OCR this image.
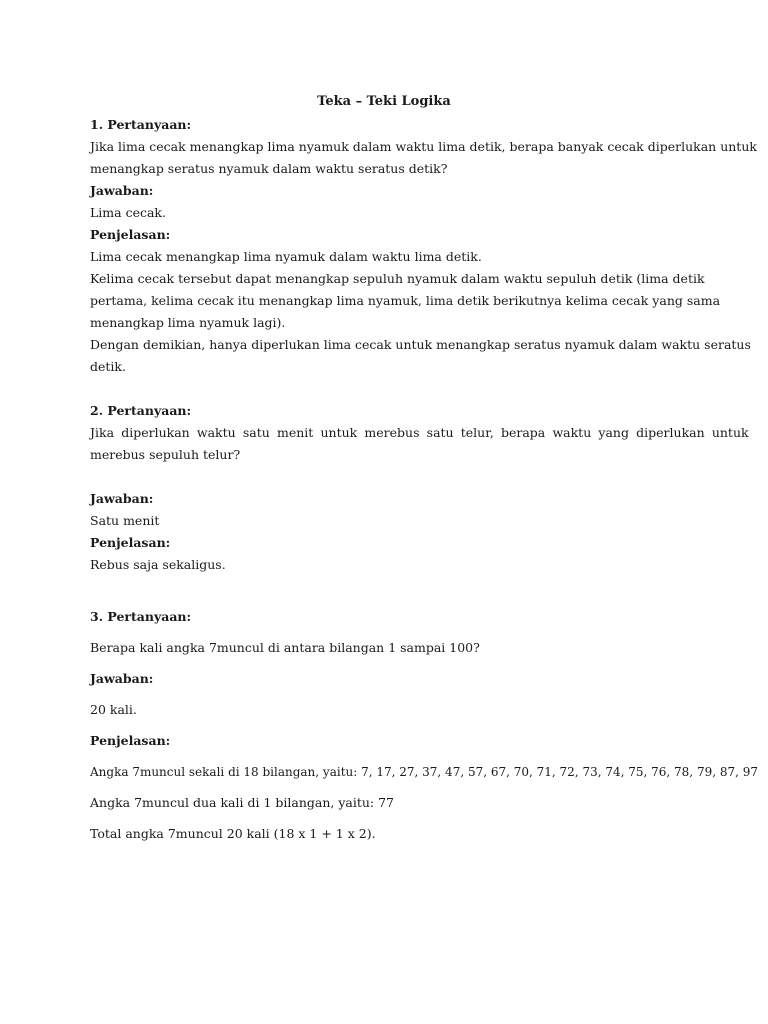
Teka – Teki Logika

1. Pertanyaan:

Jika lima cecak menangkap lima nyamuk dalam waktu lima detik, berapa banyak cecak diperlukan untuk

menangkap seratus nyamuk dalam waktu seratus detik?

Jawaban:

Lima cecak.

Penjelasan:

Lima cecak menangkap lima nyamuk dalam waktu lima detik.

Kelima cecak tersebut dapat menangkap sepuluh nyamuk dalam waktu sepuluh detik (lima detik

pertama, kelima cecak itu menangkap lima nyamuk, lima detik berikutnya kelima cecak yang sama

menangkap lima nyamuk lagi).

Dengan demikian, hanya diperlukan lima cecak untuk menangkap seratus nyamuk dalam waktu seratus

detik.

2. Pertanyaan:

Jika diperlukan waktu satu menit untuk merebus satu telur, berapa waktu yang diperlukan untuk

merebus sepuluh telur?

Jawaban:

Satu menit

Penjelasan:

Rebus saja sekaligus.

3. Pertanyaan:

Berapa kali angka 7muncul di antara bilangan 1 sampai 100?

Jawaban:

20 kali.

Penjelasan:

Angka 7muncul sekali di 18 bilangan, yaitu: 7, 17, 27, 37, 47, 57, 67, 70, 71, 72, 73, 74, 75, 76, 78, 79, 87, 97

Angka 7muncul dua kali di 1 bilangan, yaitu: 77

Total angka 7muncul 20 kali (18 x 1 + 1 x 2).
